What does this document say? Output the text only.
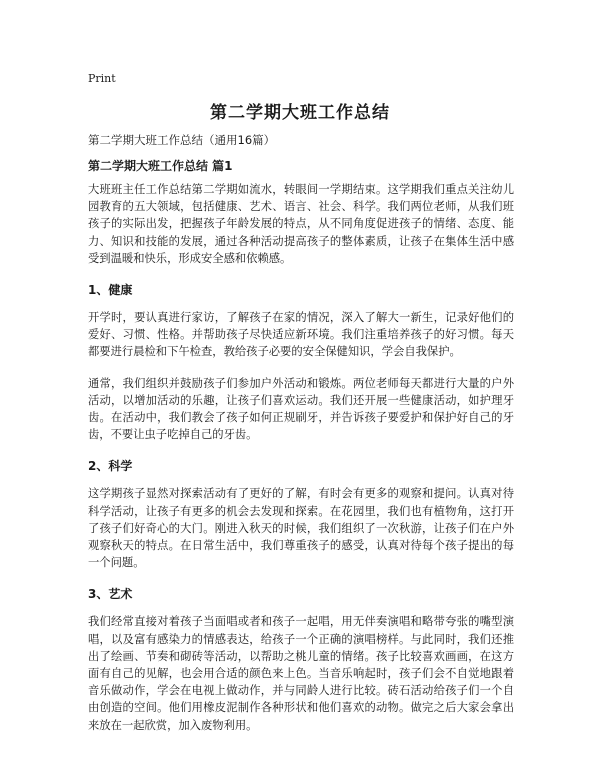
Print
第二学期大班工作总结

第二学期大班工作总结（通用16篇）

第二学期大班工作总结 篇1

大班班主任工作总结第二学期如流水，转眼间一学期结束。这学期我们重点关注幼儿园教育的五大领域，包括健康、艺术、语言、社会、科学。我们两位老师，从我们班孩子的实际出发，把握孩子年龄发展的特点，从不同角度促进孩子的情绪、态度、能力、知识和技能的发展，通过各种活动提高孩子的整体素质，让孩子在集体生活中感受到温暖和快乐，形成安全感和依赖感。

1、健康

开学时，要认真进行家访，了解孩子在家的情况，深入了解大一新生，记录好他们的爱好、习惯、性格。并帮助孩子尽快适应新环境。我们注重培养孩子的好习惯。每天都要进行晨检和下午检查，教给孩子必要的安全保健知识，学会自我保护。

通常，我们组织并鼓励孩子们参加户外活动和锻炼。两位老师每天都进行大量的户外活动，以增加活动的乐趣，让孩子们喜欢运动。我们还开展一些健康活动，如护理牙齿。在活动中，我们教会了孩子如何正规刷牙，并告诉孩子要爱护和保护好自己的牙齿，不要让虫子吃掉自己的牙齿。

2、科学

这学期孩子显然对探索活动有了更好的了解，有时会有更多的观察和提问。认真对待科学活动，让孩子有更多的机会去发现和探索。在花园里，我们也有植物角，这打开了孩子们好奇心的大门。刚进入秋天的时候，我们组织了一次秋游，让孩子们在户外观察秋天的特点。在日常生活中，我们尊重孩子的感受，认真对待每个孩子提出的每一个问题。

3、艺术

我们经常直接对着孩子当面唱或者和孩子一起唱，用无伴奏演唱和略带夸张的嘴型演唱，以及富有感染力的情感表达，给孩子一个正确的演唱榜样。与此同时，我们还推出了绘画、节奏和砌砖等活动，以帮助之桃儿童的情绪。孩子比较喜欢画画，在这方面有自己的见解，也会用合适的颜色来上色。当音乐响起时，孩子们会不自觉地跟着音乐做动作，学会在电视上做动作，并与同龄人进行比较。砖石活动给孩子们一个自由创造的空间。他们用橡皮泥制作各种形状和他们喜欢的动物。做完之后大家会拿出来放在一起欣赏，加入废物利用。
